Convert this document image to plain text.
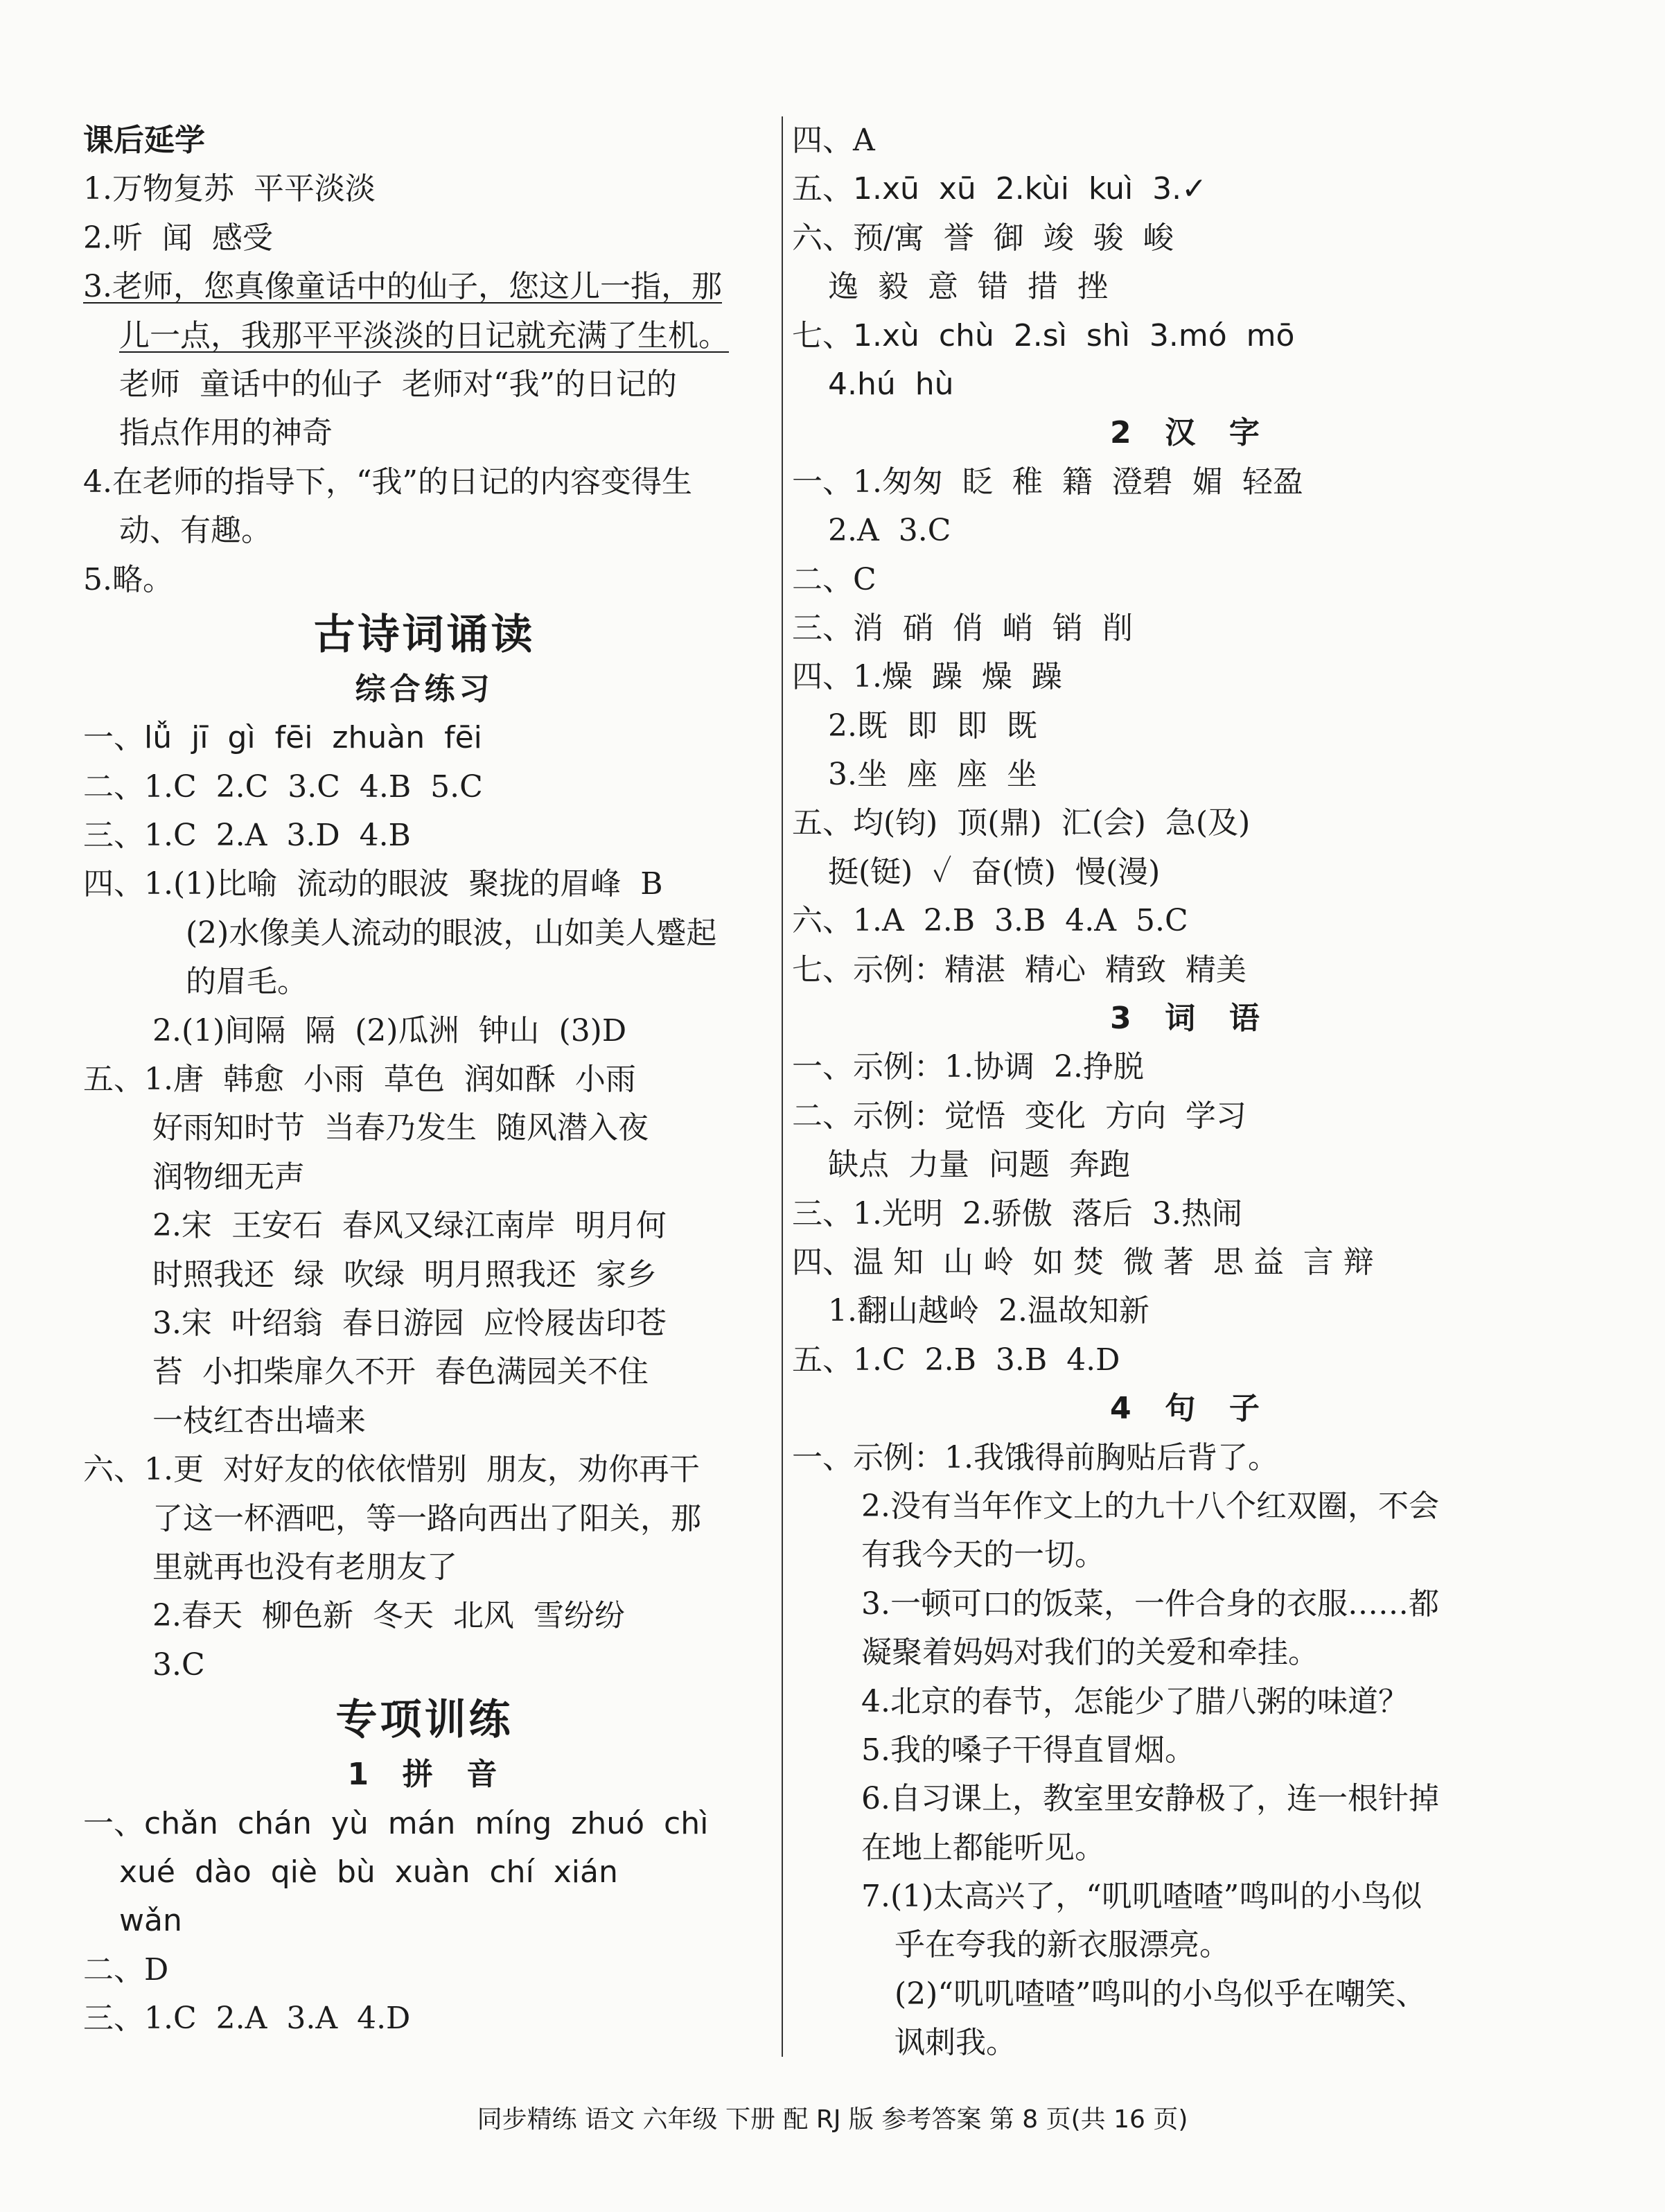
课后延学
1.万物复苏  平平淡淡
2.听  闻  感受
3.老师，您真像童话中的仙子，您这儿一指，那
儿一点，我那平平淡淡的日记就充满了生机。
老师  童话中的仙子  老师对“我”的日记的
指点作用的神奇
4.在老师的指导下，“我”的日记的内容变得生
动、有趣。
5.略。
古诗词诵读
综合练习
一、lǚ  jī  gì  fēi  zhuàn  fēi
二、1.C  2.C  3.C  4.B  5.C
三、1.C  2.A  3.D  4.B
四、1.(1)比喻  流动的眼波  聚拢的眉峰  B
(2)水像美人流动的眼波，山如美人蹙起
的眉毛。
2.(1)间隔  隔  (2)瓜洲  钟山  (3)D
五、1.唐  韩愈  小雨  草色  润如酥  小雨
好雨知时节  当春乃发生  随风潜入夜
润物细无声
2.宋  王安石  春风又绿江南岸  明月何
时照我还  绿  吹绿  明月照我还  家乡
3.宋  叶绍翁  春日游园  应怜屐齿印苍
苔  小扣柴扉久不开  春色满园关不住
一枝红杏出墙来
六、1.更  对好友的依依惜别  朋友，劝你再干
了这一杯酒吧，等一路向西出了阳关，那
里就再也没有老朋友了
2.春天  柳色新  冬天  北风  雪纷纷
3.C
专项训练
1  拼  音
一、chǎn  chán  yù  mán  míng  zhuó  chì
xué  dào  qiè  bù  xuàn  chí  xián
wǎn
二、D
三、1.C  2.A  3.A  4.D
四、A
五、1.xū  xū  2.kùi  kuì  3.✓
六、预/寓  誉  御  竣  骏  峻
逸  毅  意  错  措  挫
七、1.xù  chù  2.sì  shì  3.mó  mō
4.hú  hù
2  汉  字
一、1.匆匆  眨  稚  籍  澄碧  媚  轻盈
2.A  3.C
二、C
三、消  硝  俏  峭  销  削
四、1.燥  躁  燥  躁
2.既  即  即  既
3.坐  座  座  坐
五、均(钧)  顶(鼎)  汇(会)  急(及)
挺(铤)  ✓  奋(愤)  慢(漫)
六、1.A  2.B  3.B  4.A  5.C
七、示例：精湛  精心  精致  精美
3  词  语
一、示例：1.协调  2.挣脱
二、示例：觉悟  变化  方向  学习
缺点  力量  问题  奔跑
三、1.光明  2.骄傲  落后  3.热闹
四、温 知  山 岭  如 焚  微 著  思 益  言 辩
1.翻山越岭  2.温故知新
五、1.C  2.B  3.B  4.D
4  句  子
一、示例：1.我饿得前胸贴后背了。
2.没有当年作文上的九十八个红双圈，不会
有我今天的一切。
3.一顿可口的饭菜，一件合身的衣服……都
凝聚着妈妈对我们的关爱和牵挂。
4.北京的春节，怎能少了腊八粥的味道？
5.我的嗓子干得直冒烟。
6.自习课上，教室里安静极了，连一根针掉
在地上都能听见。
7.(1)太高兴了，“叽叽喳喳”鸣叫的小鸟似
乎在夸我的新衣服漂亮。
(2)“叽叽喳喳”鸣叫的小鸟似乎在嘲笑、
讽刺我。
同步精练 语文 六年级 下册 配 RJ 版 参考答案 第 8 页(共 16 页)
